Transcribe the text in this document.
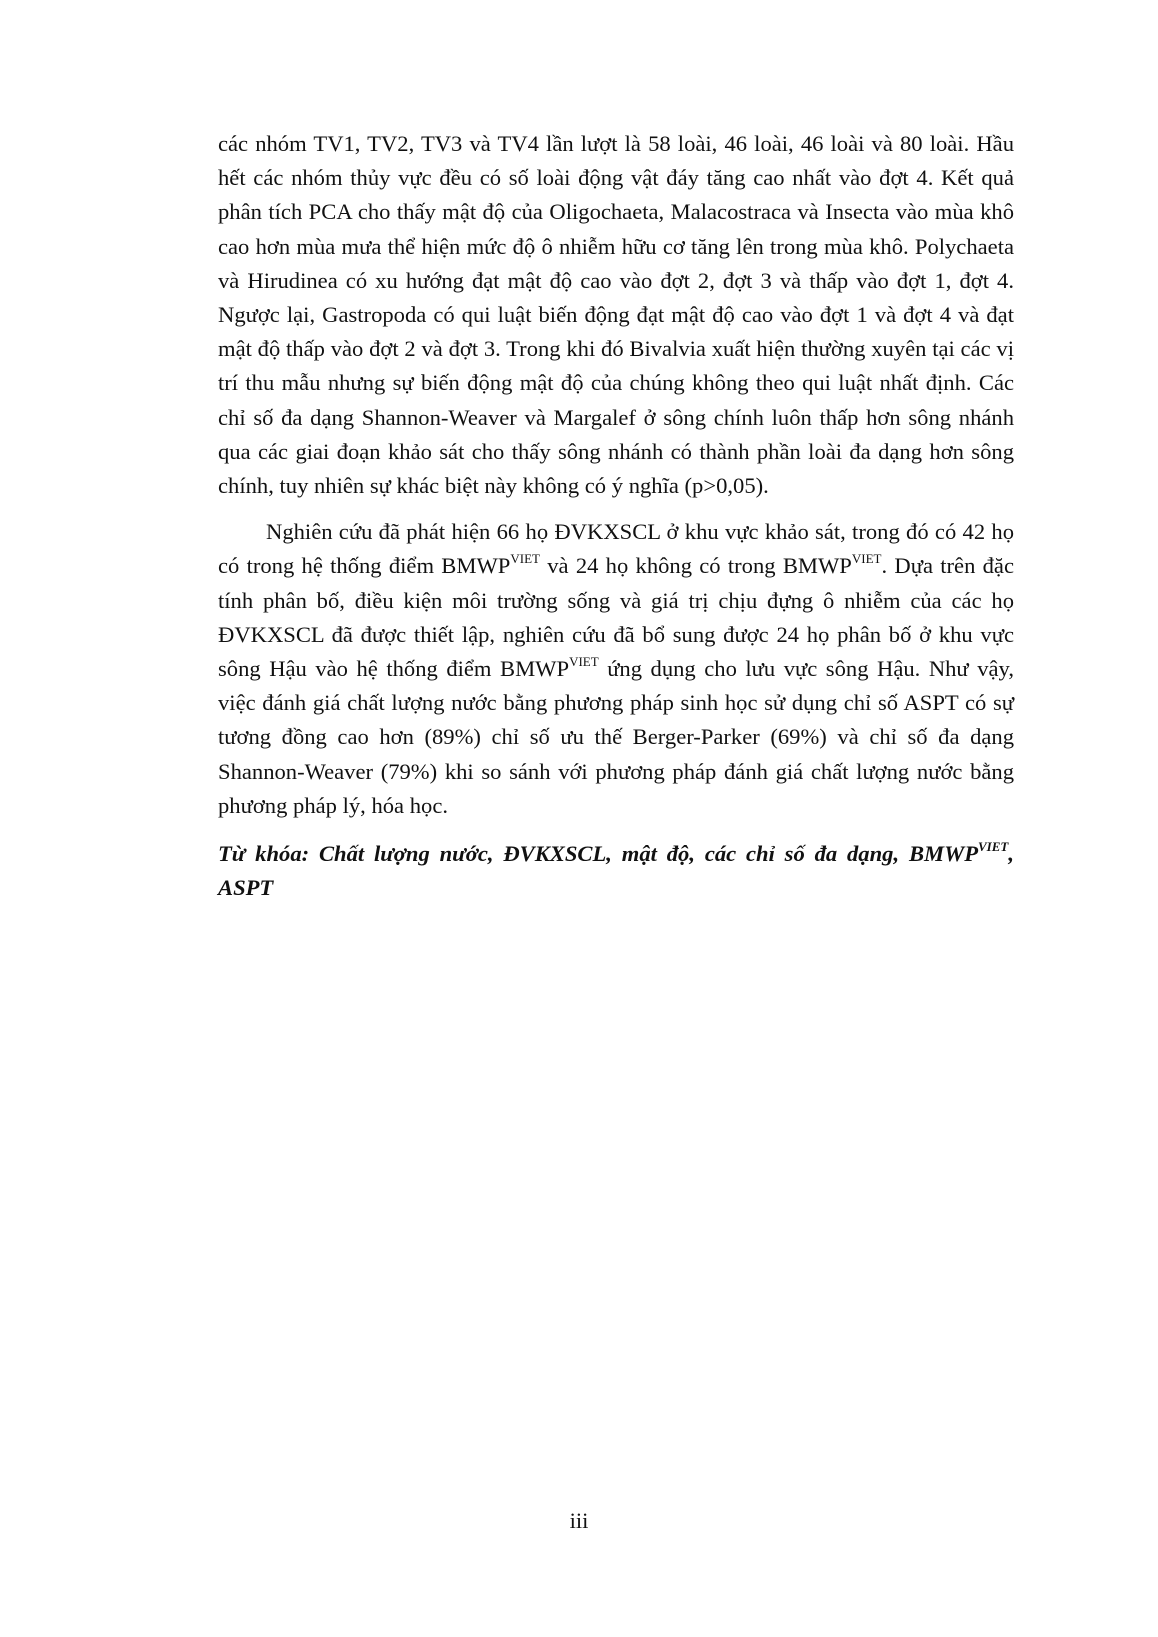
các nhóm TV1, TV2, TV3 và TV4 lần lượt là 58 loài, 46 loài, 46 loài và 80 loài. Hầu hết các nhóm thủy vực đều có số loài động vật đáy tăng cao nhất vào đợt 4. Kết quả phân tích PCA cho thấy mật độ của Oligochaeta, Malacostraca và Insecta vào mùa khô cao hơn mùa mưa thể hiện mức độ ô nhiễm hữu cơ tăng lên trong mùa khô. Polychaeta và Hirudinea có xu hướng đạt mật độ cao vào đợt 2, đợt 3 và thấp vào đợt 1, đợt 4. Ngược lại, Gastropoda có qui luật biến động đạt mật độ cao vào đợt 1 và đợt 4 và đạt mật độ thấp vào đợt 2 và đợt 3. Trong khi đó Bivalvia xuất hiện thường xuyên tại các vị trí thu mẫu nhưng sự biến động mật độ của chúng không theo qui luật nhất định. Các chỉ số đa dạng Shannon-Weaver và Margalef ở sông chính luôn thấp hơn sông nhánh qua các giai đoạn khảo sát cho thấy sông nhánh có thành phần loài đa dạng hơn sông chính, tuy nhiên sự khác biệt này không có ý nghĩa (p>0,05).

Nghiên cứu đã phát hiện 66 họ ĐVKXSCL ở khu vực khảo sát, trong đó có 42 họ có trong hệ thống điểm $BMWP^{VIET}$ và 24 họ không có trong $BMWP^{VIET}$. Dựa trên đặc tính phân bố, điều kiện môi trường sống và giá trị chịu đựng ô nhiễm của các họ ĐVKXSCL đã được thiết lập, nghiên cứu đã bổ sung được 24 họ phân bố ở khu vực sông Hậu vào hệ thống điểm $BMWP^{VIET}$ ứng dụng cho lưu vực sông Hậu. Như vậy, việc đánh giá chất lượng nước bằng phương pháp sinh học sử dụng chỉ số ASPT có sự tương đồng cao hơn (89%) chỉ số ưu thế Berger-Parker (69%) và chỉ số đa dạng Shannon-Weaver (79%) khi so sánh với phương pháp đánh giá chất lượng nước bằng phương pháp lý, hóa học.

Từ khóa: Chất lượng nước, ĐVKXSCL, mật độ, các chỉ số đa dạng, $BMWP^{VIET}$, ASPT

iii
